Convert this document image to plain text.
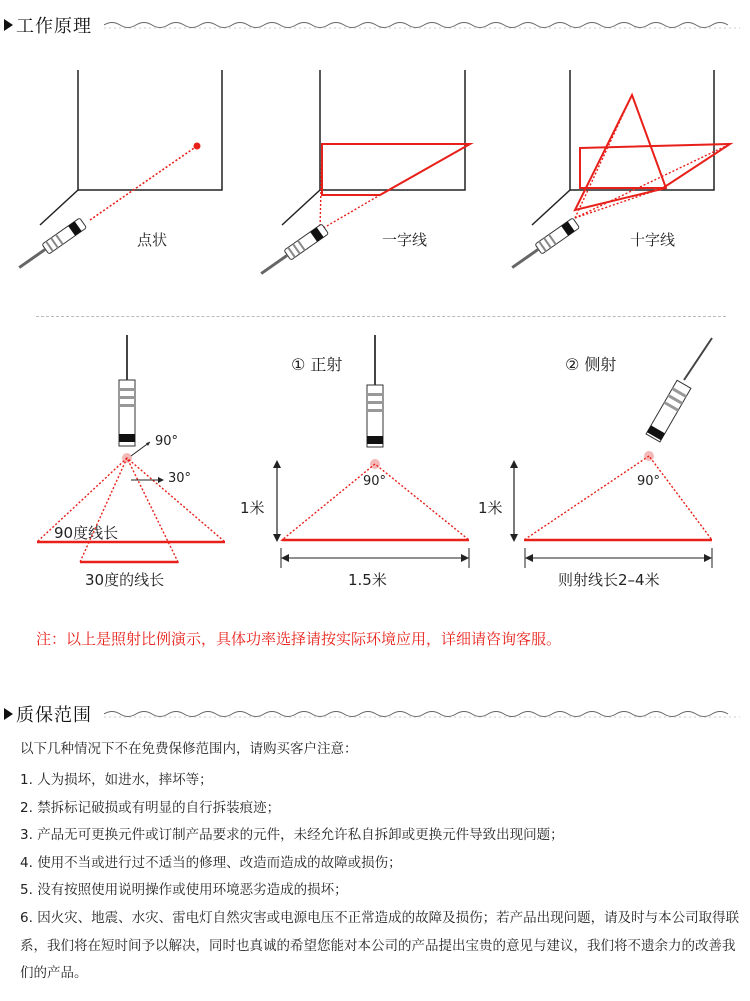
工作原理
点状	一字线	十字线
90°
30°
90度线长
30度的线长
① 正射
90°
1米
1.5米
② 侧射
90°
1米
则射线长2–4米
注：以上是照射比例演示，具体功率选择请按实际环境应用，详细请咨询客服。
质保范围
以下几种情况下不在免费保修范围内，请购买客户注意：
1. 人为损坏，如进水，摔坏等；
2. 禁拆标记破损或有明显的自行拆装痕迹；
3. 产品无可更换元件或订制产品要求的元件，未经允许私自拆卸或更换元件导致出现问题；
4. 使用不当或进行过不适当的修理、改造而造成的故障或损伤；
5. 没有按照使用说明操作或使用环境恶劣造成的损坏；
6. 因火灾、地震、水灾、雷电灯自然灾害或电源电压不正常造成的故障及损伤；若产品出现问题，请及时与本公司取得联系，我们将在短时间予以解决，同时也真诚的希望您能对本公司的产品提出宝贵的意见与建议，我们将不遗余力的改善我们的产品。
